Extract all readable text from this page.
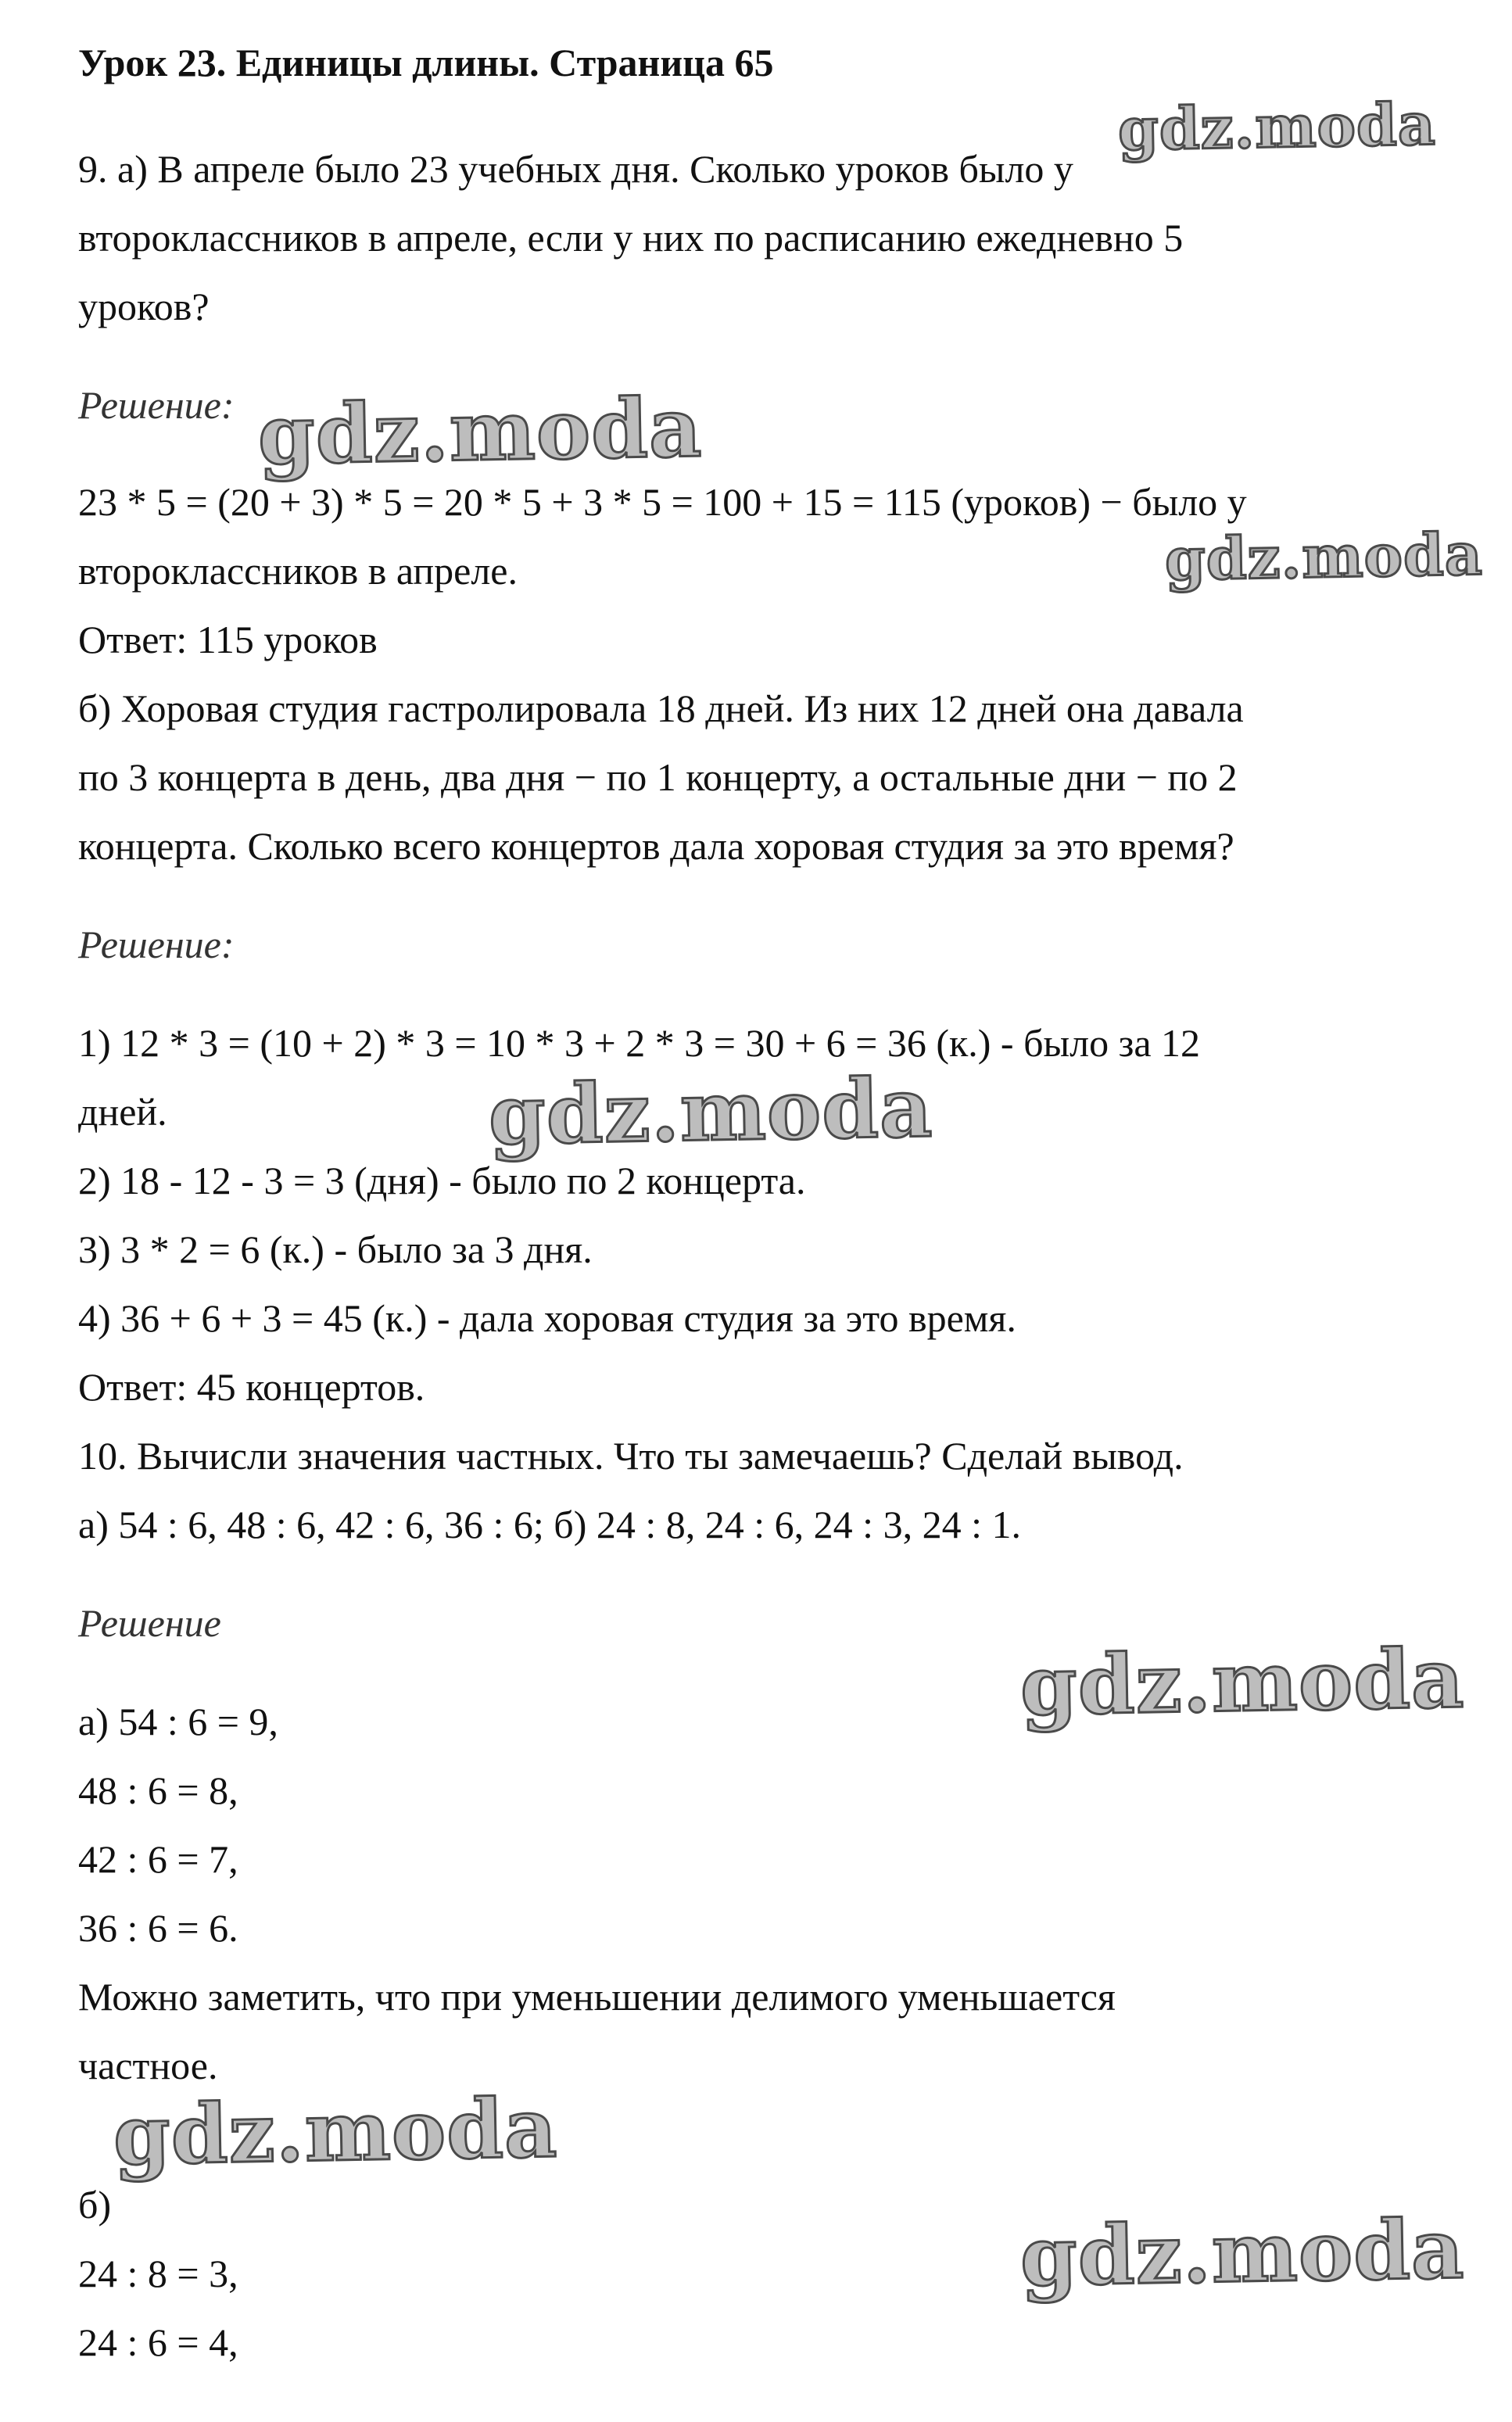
Урок 23. Единицы длины. Страница 65
9. а) В апреле было 23 учебных дня. Сколько уроков было у
второклассников в апреле, если у них по расписанию ежедневно 5
уроков?
Решение:
23 * 5 = (20 + 3) * 5 = 20 * 5 + 3 * 5 = 100 + 15 = 115 (уроков) − было у
второклассников в апреле.
Ответ: 115 уроков
б) Хоровая студия гастролировала 18 дней. Из них 12 дней она давала
по 3 концерта в день, два дня − по 1 концерту, а остальные дни − по 2
концерта. Сколько всего концертов дала хоровая студия за это время?
Решение:
1) 12 * 3 = (10 + 2) * 3 = 10 * 3 + 2 * 3 = 30 + 6 = 36 (к.) - было за 12
дней.
2) 18 - 12 - 3 = 3 (дня) - было по 2 концерта.
3) 3 * 2 = 6 (к.) - было за 3 дня.
4) 36 + 6 + 3 = 45 (к.) - дала хоровая студия за это время.
Ответ: 45 концертов.
10. Вычисли значения частных. Что ты замечаешь? Сделай вывод.
а) 54 : 6, 48 : 6, 42 : 6, 36 : 6; б) 24 : 8, 24 : 6, 24 : 3, 24 : 1.
Решение
а) 54 : 6 = 9,
48 : 6 = 8,
42 : 6 = 7,
36 : 6 = 6.
Можно заметить, что при уменьшении делимого уменьшается
частное.
б)
24 : 8 = 3,
24 : 6 = 4,
gdz.moda
gdz.moda
gdz.moda
gdz.moda
gdz.moda
gdz.moda
gdz.moda
